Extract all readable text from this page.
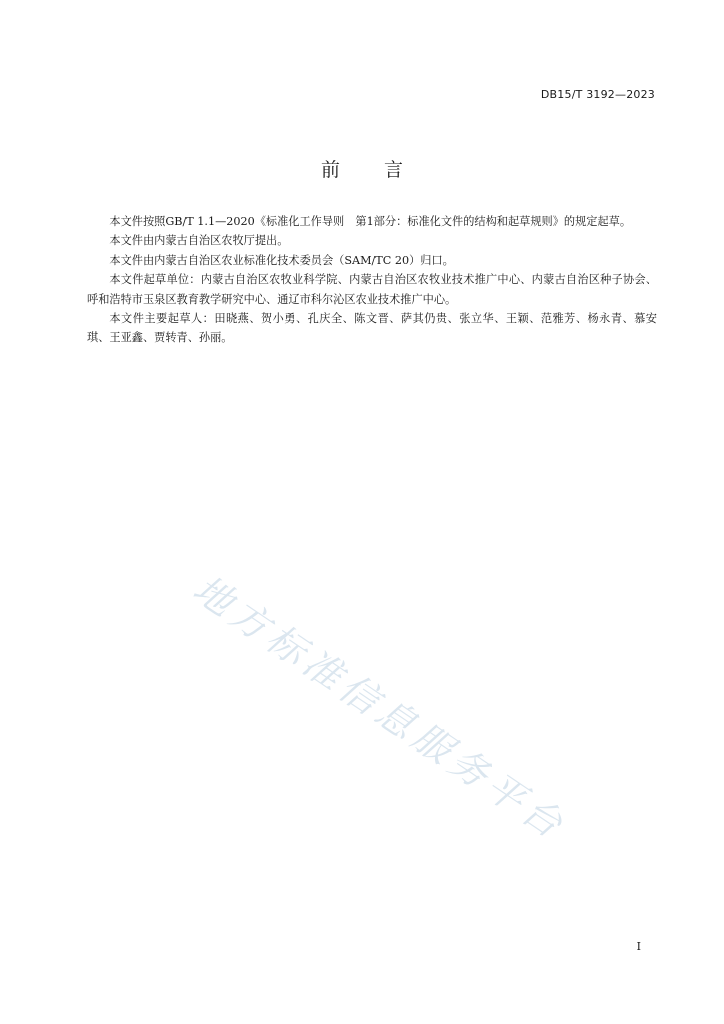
DB15/T 3192—2023
前言

本文件按照GB/T 1.1—2020《标准化工作导则　第1部分：标准化文件的结构和起草规则》的规定起草。

本文件由内蒙古自治区农牧厅提出。

本文件由内蒙古自治区农业标准化技术委员会（SAM/TC 20）归口。

本文件起草单位：内蒙古自治区农牧业科学院、内蒙古自治区农牧业技术推广中心、内蒙古自治区种子协会、呼和浩特市玉泉区教育教学研究中心、通辽市科尔沁区农业技术推广中心。

本文件主要起草人：田晓燕、贺小勇、孔庆全、陈文晋、萨其仍贵、张立华、王颖、范雅芳、杨永青、慕安琪、王亚鑫、贾转青、孙丽。

地方标准信息服务平台
I
